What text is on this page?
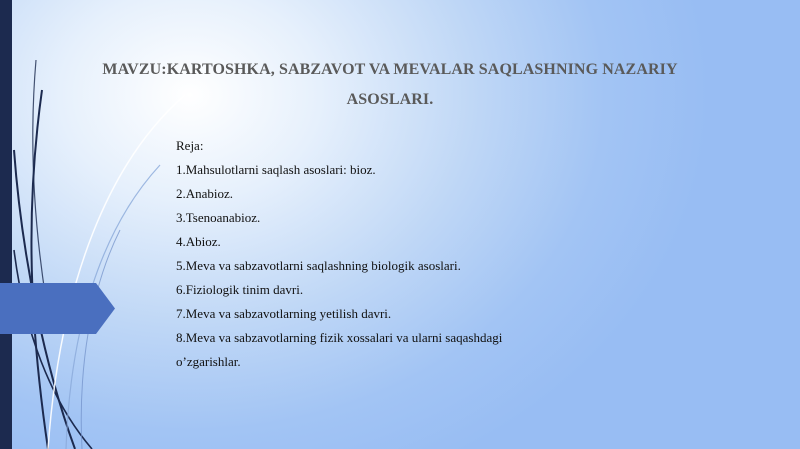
MAVZU:KARTOSHKA, SABZAVOT VA MEVALAR SAQLASHNING NAZARIY
ASOSLARI.
Reja:
1.Mahsulotlarni saqlash asoslari: bioz.
2.Anabioz.
3.Tsenoanabioz.
4.Abioz.
5.Meva va sabzavotlarni saqlashning biologik asoslari.
6.Fiziologik tinim davri.
7.Meva va sabzavotlarning yetilish davri.
8.Meva va sabzavotlarning fizik xossalari va ularni saqashdagi
o’zgarishlar.
